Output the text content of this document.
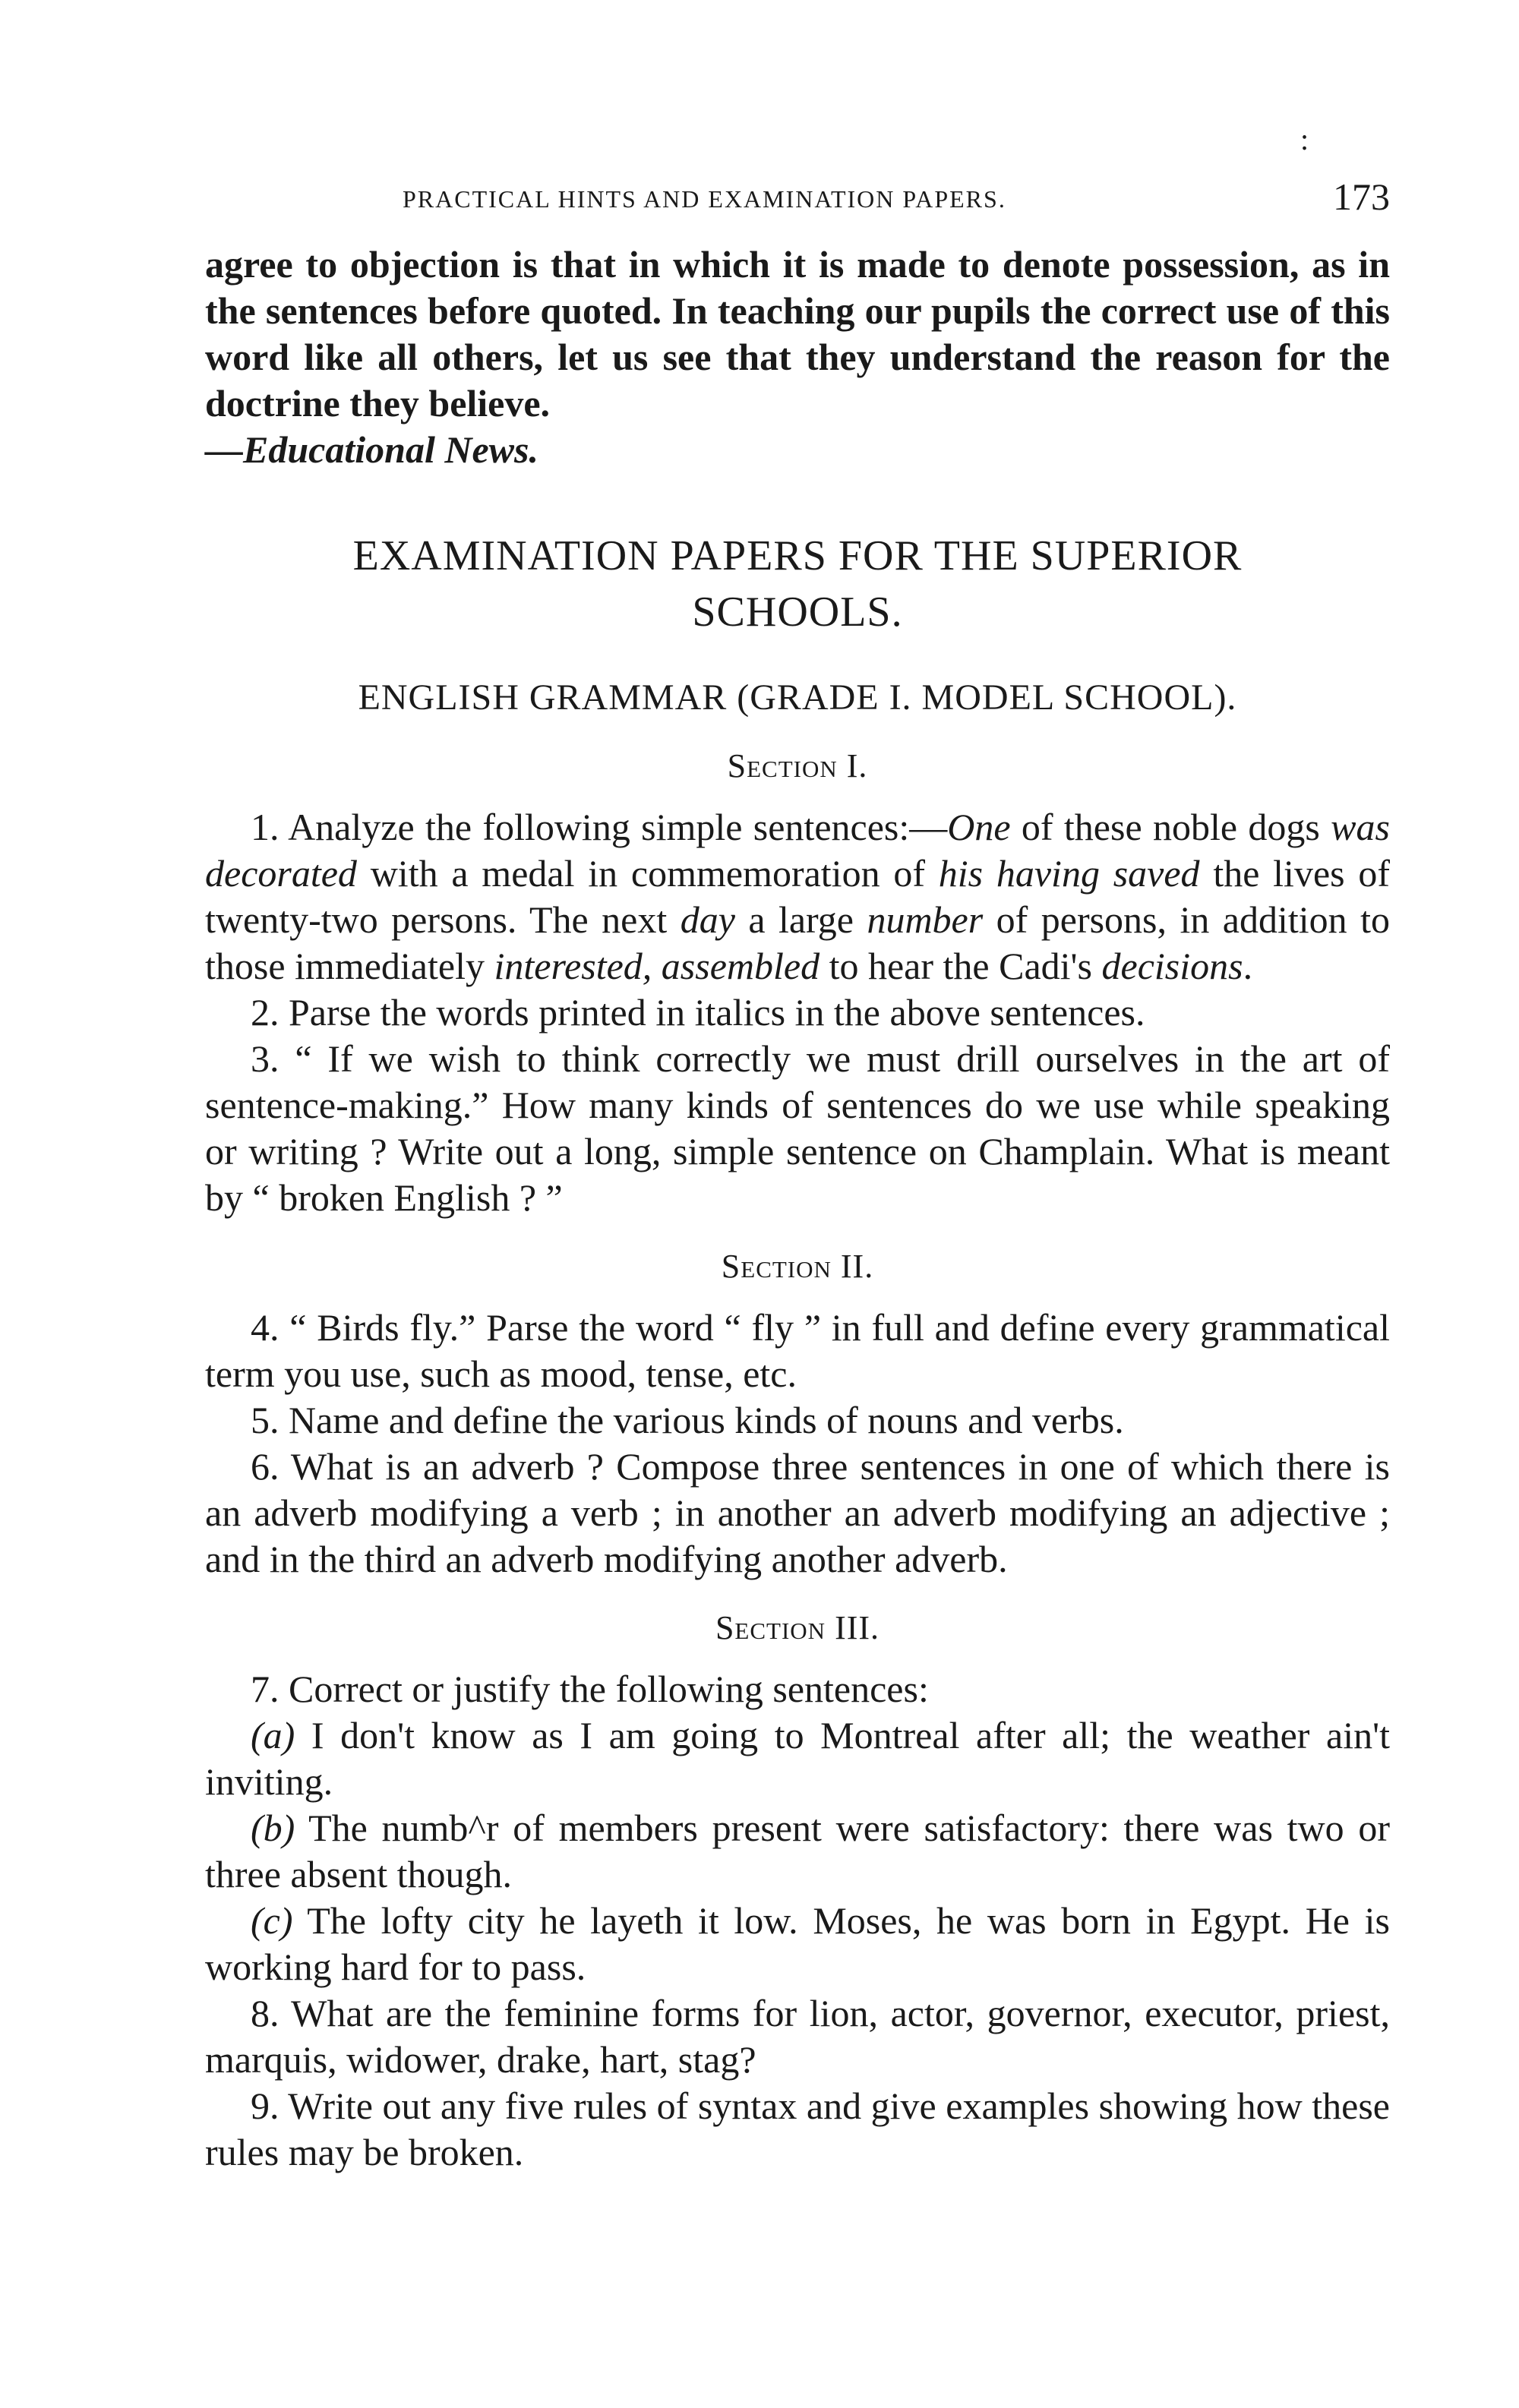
:
PRACTICAL HINTS AND EXAMINATION PAPERS.	173

agree to objection is that in which it is made to denote possession, as in the sentences before quoted. In teaching our pupils the correct use of this word like all others, let us see that they understand the reason for the doctrine they believe.

—Educational News.
EXAMINATION PAPERS FOR THE SUPERIOR
SCHOOLS.
ENGLISH GRAMMAR (GRADE I. MODEL SCHOOL).
Section I.

1. Analyze the following simple sentences:—One of these noble dogs was decorated with a medal in commemoration of his having saved the lives of twenty-two persons. The next day a large number of persons, in addition to those immediately interested, assembled to hear the Cadi's decisions.

2. Parse the words printed in italics in the above sentences.

3. “ If we wish to think correctly we must drill ourselves in the art of sentence-making.” How many kinds of sentences do we use while speaking or writing ? Write out a long, simple sentence on Champlain. What is meant by “ broken English ? ”

Section II.

4. “ Birds fly.” Parse the word “ fly ” in full and define every grammatical term you use, such as mood, tense, etc.

5. Name and define the various kinds of nouns and verbs.

6. What is an adverb ? Compose three sentences in one of which there is an adverb modifying a verb ; in another an adverb modifying an adjective ; and in the third an adverb modifying another adverb.

Section III.

7. Correct or justify the following sentences:

(a) I don't know as I am going to Montreal after all; the weather ain't inviting.

(b) The numb^r of members present were satisfactory: there was two or three absent though.

(c) The lofty city he layeth it low. Moses, he was born in Egypt. He is working hard for to pass.

8. What are the feminine forms for lion, actor, governor, executor, priest, marquis, widower, drake, hart, stag?

9. Write out any five rules of syntax and give examples showing how these rules may be broken.
